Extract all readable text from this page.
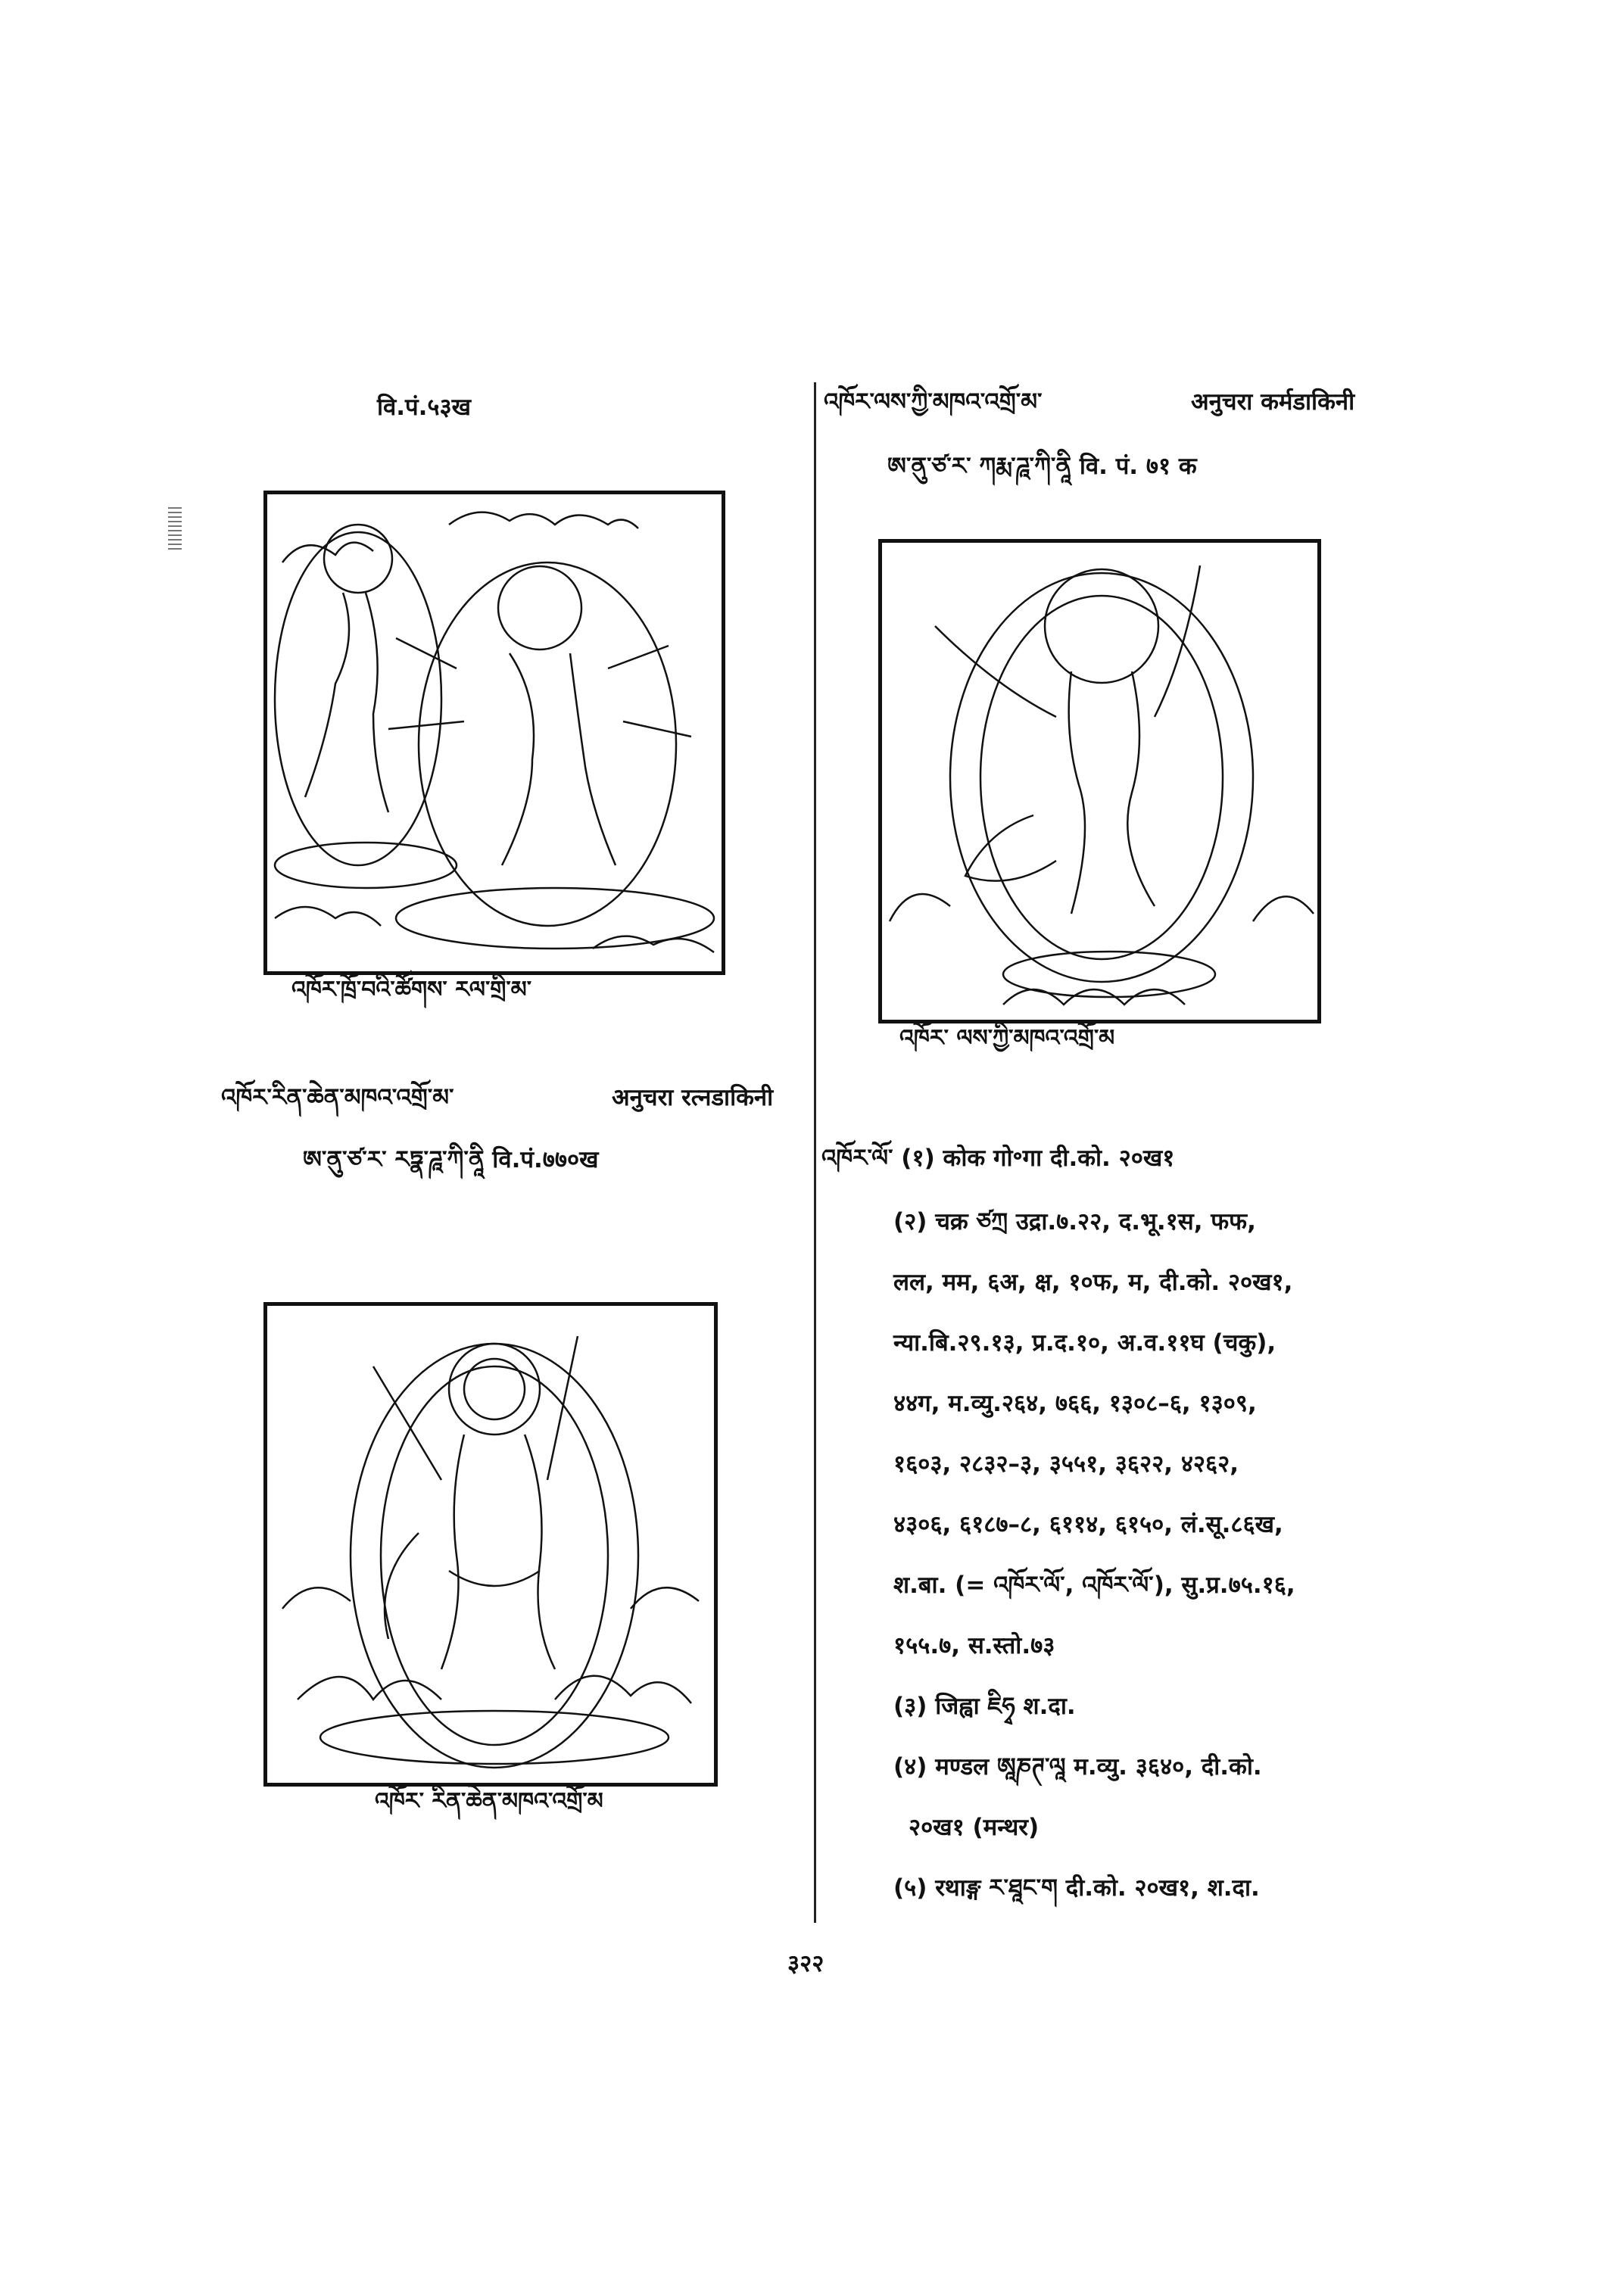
वि.पं.५३ख
འཁོར་ཁྲོ་བའི་ཚོགས་ རལ་གྲི་མ་
འཁོར་རིན་ཆེན་མཁའ་འགྲོ་མ་	अनुचरा रत्नडाकिनी
ཨ་ནུ་ཙ་ར་ རཏྣ་ཌཱ་ཀི་ནཱི वि.पं.७७०ख
འཁོར་ རིན་ཆེན་མཁའ་འགྲོ་མ
འཁོར་ལས་ཀྱི་མཁའ་འགྲོ་མ་	अनुचरा कर्मडाकिनी
ཨ་ནུ་ཙ་ར་ ཀརྨ་ཌཱ་ཀི་ནཱི वि. पं. ७१ क
འཁོར་ ལས་ཀྱི་མཁའ་འགྲོ་མ
འཁོར་ལོ་ (१) कोक गो॰गा दी.को. २०ख१
(२) चक्र ཙཀྲ उद्रा.७.२२, द.भू.१स, फफ,
लल, मम, ६अ, क्ष, १०फ, म, दी.को. २०ख१,
न्या.बि.२९.१३, प्र.द.१०, अ.व.११घ (चकु),
४४ग, म.व्यु.२६४, ७६६, १३०८–६, १३०९,
१६०३, २८३२–३, ३५५१, ३६२२, ४२६२,
४३०६, ६१८७–८, ६११४, ६१५०, लं.सू.८६ख,
श.बा. (= འཁོར་ལོ་, འཁོར་ལོ་), सु.प्र.७५.१६,
१५५.७, स.स्तो.७३
(३) जिह्वा ཇིཧྭ श.दा.
(४) मण्डल ཨཱཎཊ་ལཱ म.व्यु. ३६४०, दी.को.
२०ख१ (मन्थर)
(५) रथाङ्ग ར་ཐཱང་ག दी.को. २०ख१, श.दा.
३२२
